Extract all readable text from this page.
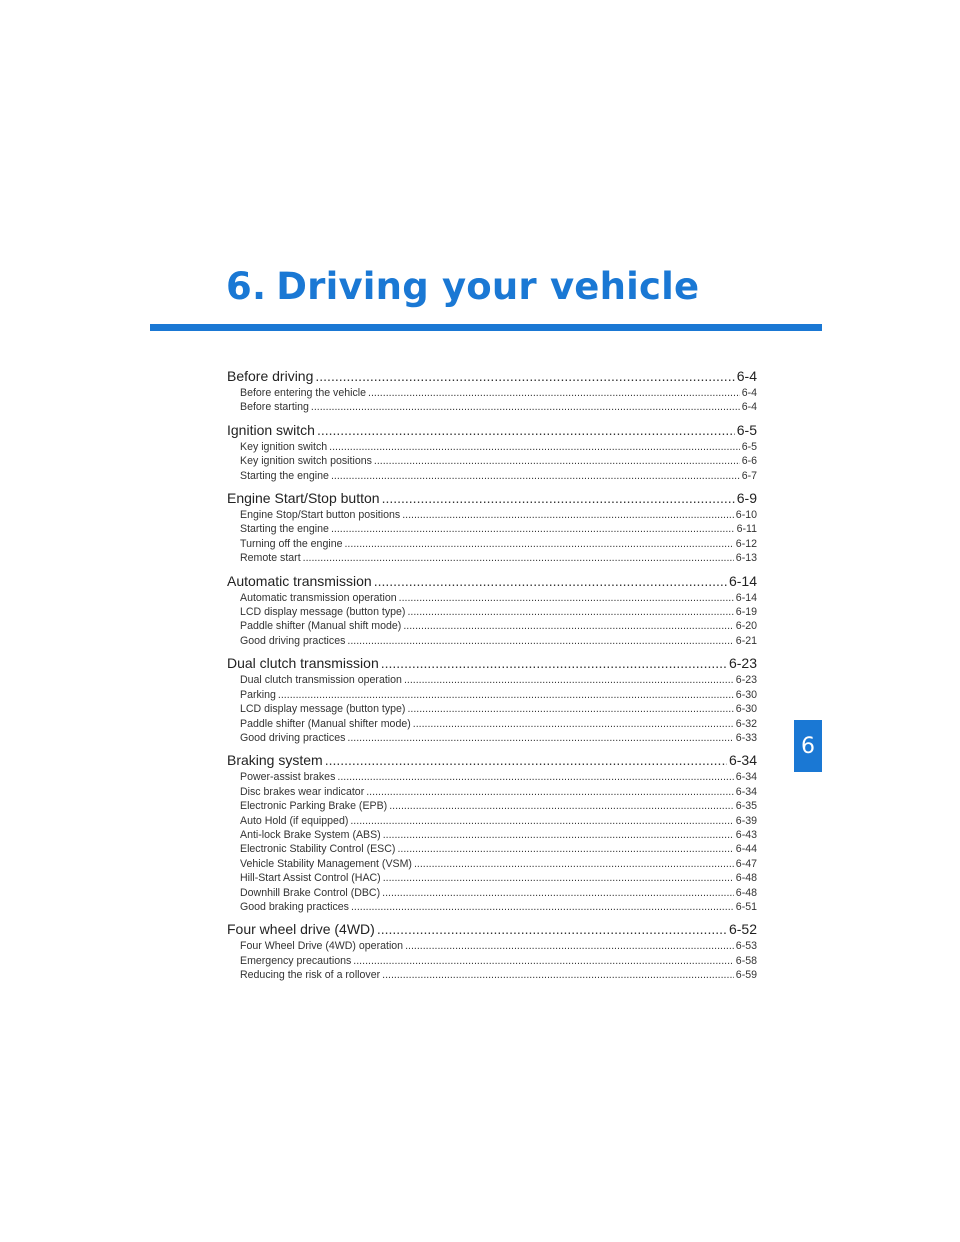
6. Driving your vehicle
6
Before driving .....	6-4
Before entering the vehicle .....	6-4
Before starting .....	6-4
Ignition switch .....	6-5
Key ignition switch .....	6-5
Key ignition switch positions .....	6-6
Starting the engine .....	6-7
Engine Start/Stop button .....	6-9
Engine Stop/Start button positions .....	6-10
Starting the engine .....	6-11
Turning off the engine .....	6-12
Remote start .....	6-13
Automatic transmission .....	6-14
Automatic transmission operation .....	6-14
LCD display message (button type) .....	6-19
Paddle shifter (Manual shift mode) .....	6-20
Good driving practices .....	6-21
Dual clutch transmission .....	6-23
Dual clutch transmission operation .....	6-23
Parking .....	6-30
LCD display message (button type) .....	6-30
Paddle shifter (Manual shifter mode) .....	6-32
Good driving practices .....	6-33
Braking system .....	6-34
Power-assist brakes .....	6-34
Disc brakes wear indicator .....	6-34
Electronic Parking Brake (EPB) .....	6-35
Auto Hold (if equipped) .....	6-39
Anti-lock Brake System (ABS) .....	6-43
Electronic Stability Control (ESC) .....	6-44
Vehicle Stability Management (VSM) .....	6-47
Hill-Start Assist Control (HAC) .....	6-48
Downhill Brake Control (DBC) .....	6-48
Good braking practices .....	6-51
Four wheel drive (4WD) .....	6-52
Four Wheel Drive (4WD) operation .....	6-53
Emergency precautions .....	6-58
Reducing the risk of a rollover .....	6-59
